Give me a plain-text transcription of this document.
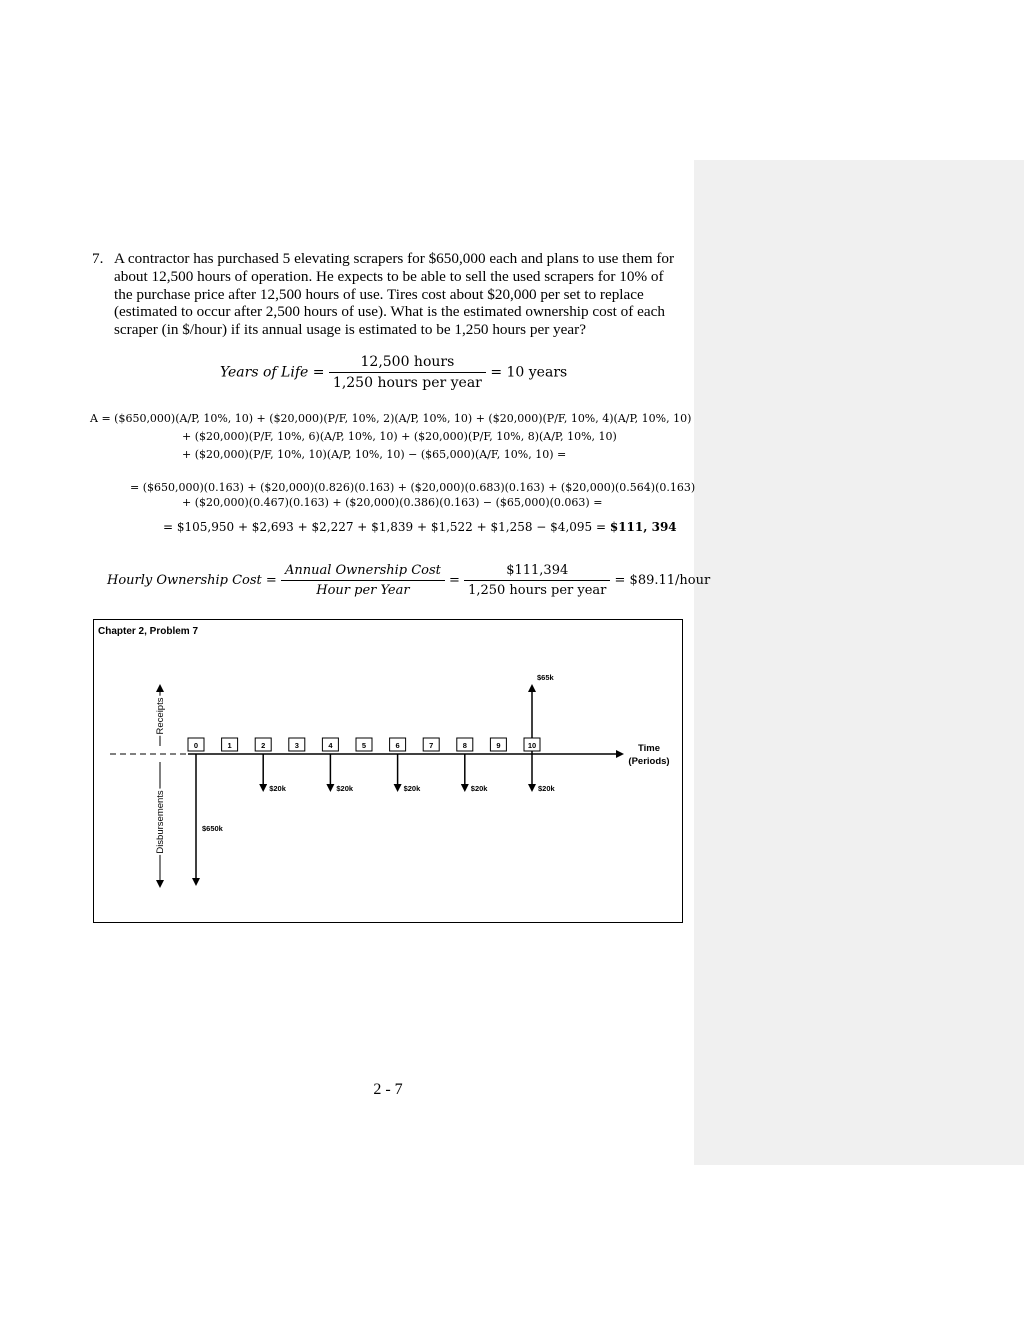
7. A contractor has purchased 5 elevating scrapers for $650,000 each and plans to use them for about 12,500 hours of operation. He expects to be able to sell the used scrapers for 10% of the purchase price after 12,500 hours of use. Tires cost about $20,000 per set to replace (estimated to occur after 2,500 hours of use). What is the estimated ownership cost of each scraper (in $/hour) if its annual usage is estimated to be 1,250 hours per year?
Years of Life = $\frac{\text{12,500 hours}}{\text{1,250 hours per year}} = 10$ years
A = ($650,000)(A/P, 10%, 10) + ($20,000)(P/F, 10%, 2)(A/P, 10%, 10) + ($20,000)(P/F, 10%, 4)(A/P, 10%, 10)
+ ($20,000)(P/F, 10%, 6)(A/P, 10%, 10) + ($20,000)(P/F, 10%, 8)(A/P, 10%, 10)
+ ($20,000)(P/F, 10%, 10)(A/P, 10%, 10) − ($65,000)(A/F, 10%, 10) =
= ($650,000)(0.163) + ($20,000)(0.826)(0.163) + ($20,000)(0.683)(0.163) + ($20,000)(0.564)(0.163)
+ ($20,000)(0.467)(0.163) + ($20,000)(0.386)(0.163) − ($65,000)(0.063) =
= $105,950 + $2,693 + $2,227 + $1,839 + $1,522 + $1,258 − $4,095 = $111, 394
Hourly Ownership Cost = $\frac{\text{Annual Ownership Cost}}{\text{Hour per Year}} = \frac{\$111,394}{\text{1,250 hours per year}}$ = $89.11/hour
Chapter 2, Problem 7
Time
(Periods)
Receipts
Disbursements
0	1	2	3	4	5	6	7	8	9	10
$650k
$20k	$20k	$20k	$20k	$20k
$65k
2 - 7
